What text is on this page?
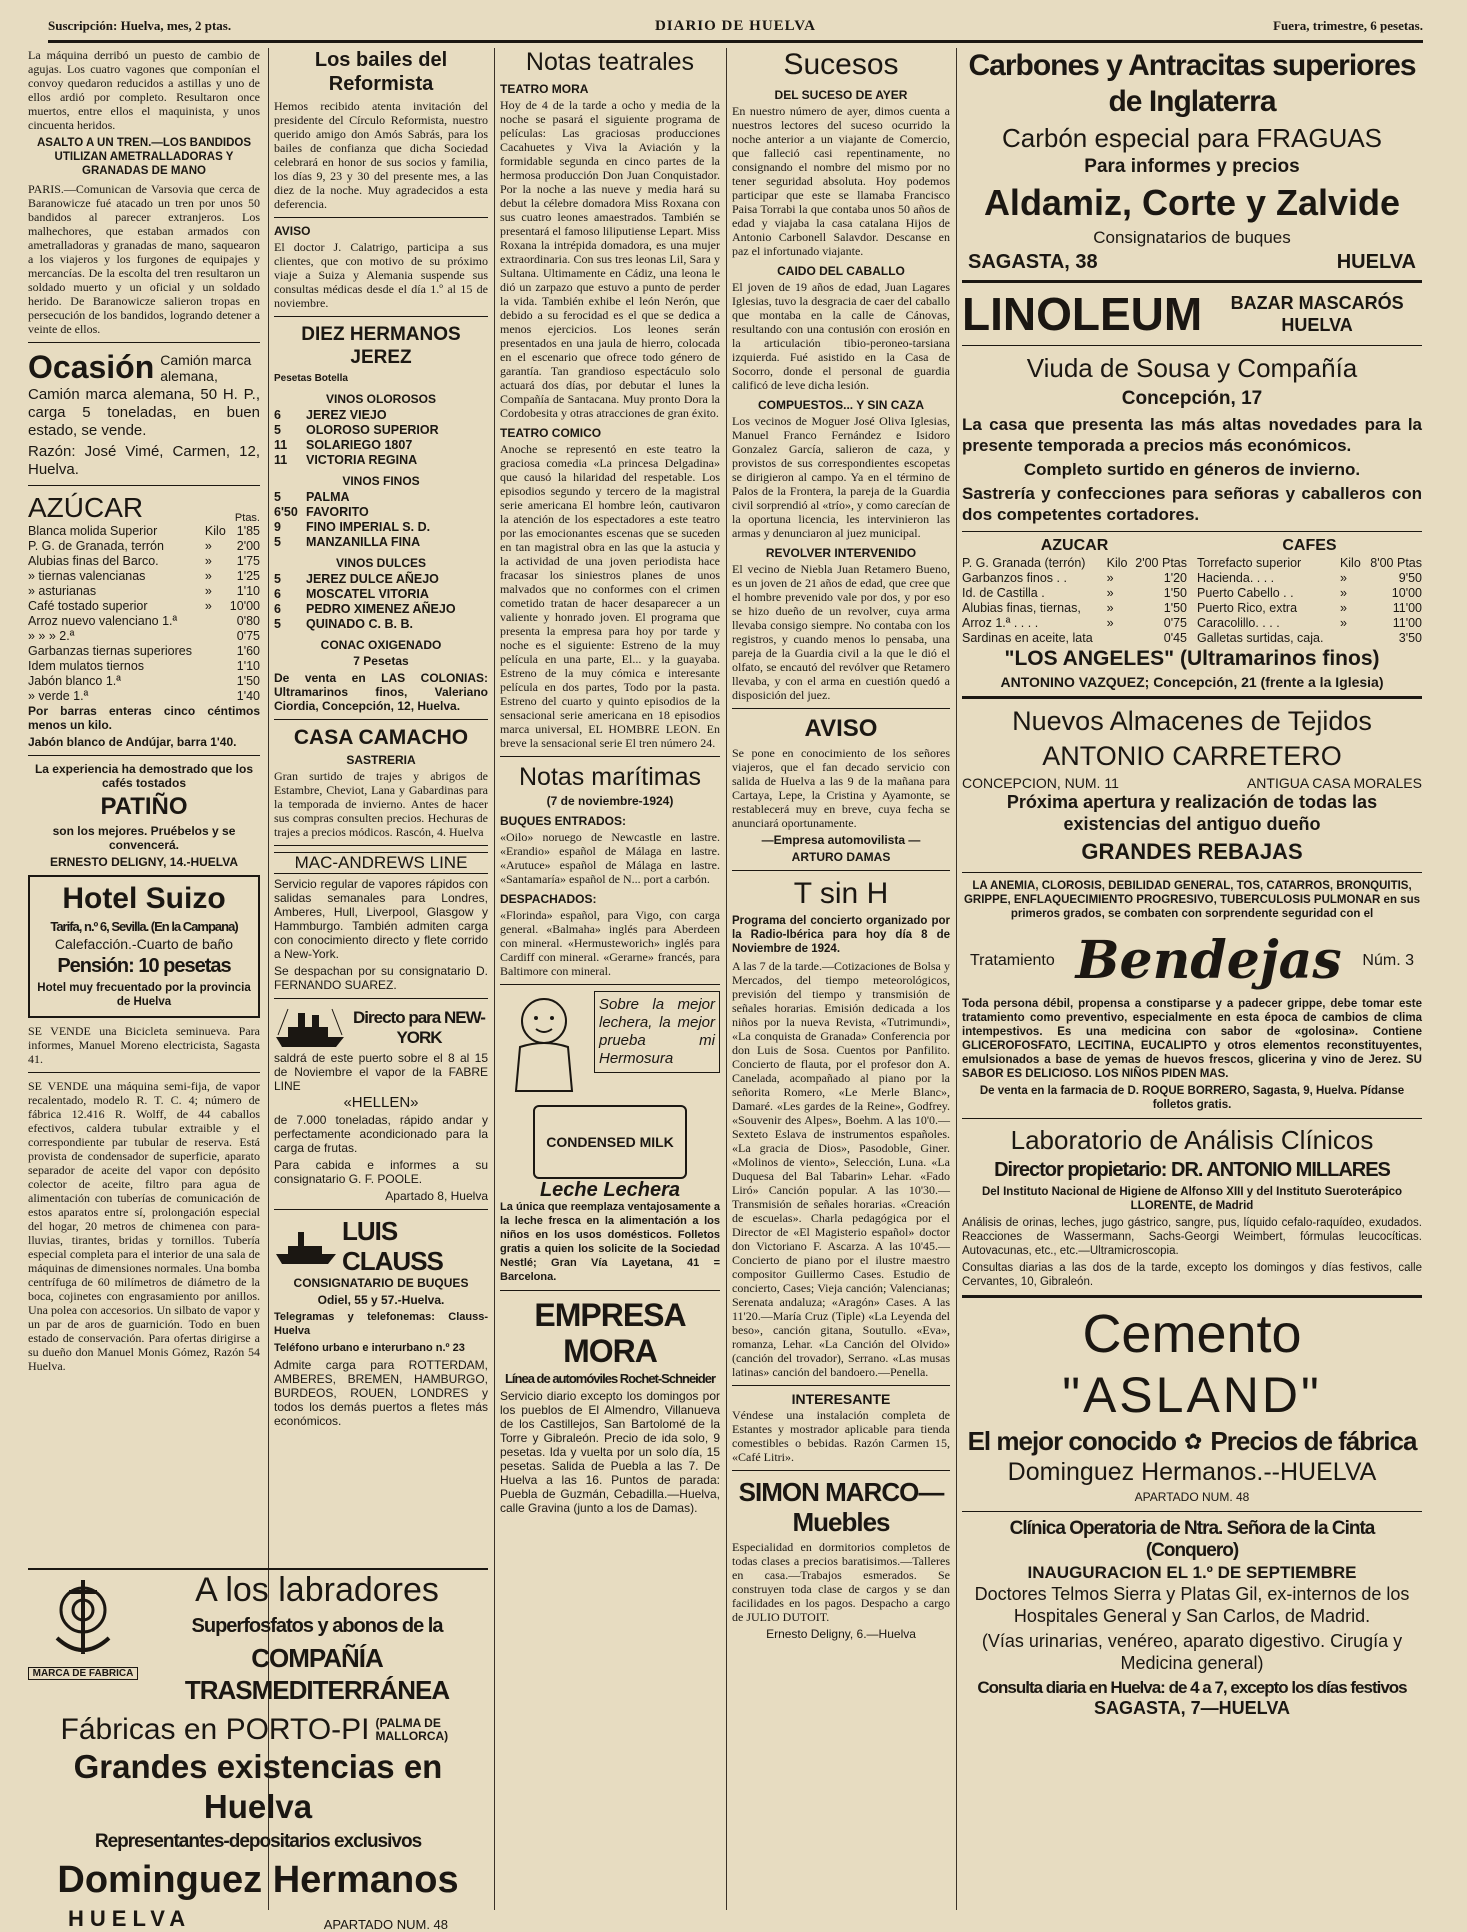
Suscripción: Huelva, mes, 2 ptas.	DIARIO DE HUELVA	Fuera, trimestre, 6 pesetas.

La máquina derribó un puesto de cambio de agujas. Los cuatro vagones que componían el convoy quedaron reducidos a astillas y uno de ellos ardió por completo. Resultaron once muertos, entre ellos el maquinista, y unos cincuenta heridos.

ASALTO A UN TREN.—LOS BANDIDOS UTILIZAN AMETRALLADORAS Y GRANADAS DE MANO

PARIS.—Comunican de Varsovia que cerca de Baranowicze fué atacado un tren por unos 50 bandidos al parecer extranjeros. Los malhechores, que estaban armados con ametralladoras y granadas de mano, saquearon a los viajeros y los furgones de equipajes y mercancías. De la escolta del tren resultaron un soldado muerto y un oficial y un soldado herido. De Baranowicze salieron tropas en persecución de los bandidos, logrando detener a veinte de ellos.

Ocasión Camión marca alemana,

Camión marca alemana, 50 H. P., carga 5 toneladas, en buen estado, se vende.

Razón: José Vimé, Carmen, 12, Huelva.

AZÚCAR	Ptas.
Blanca molida Superior	Kilo	1'85
P. G. de Granada, terrón	»	2'00
Alubias finas del Barco.	»	1'75
» tiernas valencianas	»	1'25
» asturianas	»	1'10
Café tostado superior	»	10'00
Arroz nuevo valenciano 1.ª		0'80
» » » 2.ª		0'75
Garbanzas tiernas superiores		1'60
Idem mulatos tiernos		1'10
Jabón blanco 1.ª		1'50
» verde 1.ª		1'40

Por barras enteras cinco céntimos menos un kilo.

Jabón blanco de Andújar, barra 1'40.

La experiencia ha demostrado que los cafés tostados

PATIÑO

son los mejores. Pruébelos y se convencerá.

ERNESTO DELIGNY, 14.-HUELVA

Hotel Suizo

Tarifa, n.º 6, Sevilla. (En la Campana)

Calefacción.-Cuarto de baño

Pensión: 10 pesetas

Hotel muy frecuentado por la provincia de Huelva

SE VENDE una Bicicleta seminueva. Para informes, Manuel Moreno electricista, Sagasta 41.

SE VENDE una máquina semi-fija, de vapor recalentado, modelo R. T. C. 4; número de fábrica 12.416 R. Wolff, de 44 caballos efectivos, caldera tubular extraible y el correspondiente par tubular de reserva. Está provista de condensador de superficie, aparato separador de aceite del vapor con depósito colector de aceite, filtro para agua de alimentación con tuberías de comunicación de estos aparatos entre sí, prolongación especial del hogar, 20 metros de chimenea con para-lluvias, tirantes, bridas y tornillos. Tubería especial completa para el interior de una sala de máquinas de dimensiones normales. Una bomba centrífuga de 60 milímetros de diámetro de la boca, cojinetes con engrasamiento por anillos. Una polea con accesorios. Un silbato de vapor y un par de aros de guarnición. Todo en buen estado de conservación. Para ofertas dirigirse a su dueño don Manuel Monis Gómez, Razón 54 Huelva.

Los bailes del Reformista

Hemos recibido atenta invitación del presidente del Círculo Reformista, nuestro querido amigo don Amós Sabrás, para los bailes de confianza que dicha Sociedad celebrará en honor de sus socios y familia, los días 9, 23 y 30 del presente mes, a las diez de la noche. Muy agradecidos a esta deferencia.

AVISO

El doctor J. Calatrigo, participa a sus clientes, que con motivo de su próximo viaje a Suiza y Alemania suspende sus consultas médicas desde el día 1.º al 15 de noviembre.

DIEZ HERMANOS JEREZ

Pesetas Botella

VINOS OLOROSOS

6	JEREZ VIEJO
5	OLOROSO SUPERIOR
11	SOLARIEGO 1807
11	VICTORIA REGINA

VINOS FINOS

5	PALMA
6'50	FAVORITO
9	FINO IMPERIAL S. D.
5	MANZANILLA FINA

VINOS DULCES

5	JEREZ DULCE AÑEJO
6	MOSCATEL VITORIA
6	PEDRO XIMENEZ AÑEJO
5	QUINADO C. B. B.

CONAC OXIGENADO

7 Pesetas

De venta en LAS COLONIAS: Ultramarinos finos, Valeriano Ciordia, Concepción, 12, Huelva.

CASA CAMACHO

SASTRERIA

Gran surtido de trajes y abrigos de Estambre, Cheviot, Lana y Gabardinas para la temporada de invierno. Antes de hacer sus compras consulten precios. Hechuras de trajes a precios módicos. Rascón, 4. Huelva

MAC-ANDREWS LINE

Servicio regular de vapores rápidos con salidas semanales para Londres, Amberes, Hull, Liverpool, Glasgow y Hammburgo. También admiten carga con conocimiento directo y flete corrido a New-York.

Se despachan por su consignatario D. FERNANDO SUAREZ.

Directo para NEW-YORK

saldrá de este puerto sobre el 8 al 15 de Noviembre el vapor de la FABRE LINE

«HELLEN»

de 7.000 toneladas, rápido andar y perfectamente acondicionado para la carga de frutas.

Para cabida e informes a su consignatario G. F. POOLE.

Apartado 8, Huelva

LUIS CLAUSS

CONSIGNATARIO DE BUQUES

Odiel, 55 y 57.-Huelva.

Telegramas y telefonemas: Clauss-Huelva

Teléfono urbano e interurbano n.º 23

Admite carga para ROTTERDAM, AMBERES, BREMEN, HAMBURGO, BURDEOS, ROUEN, LONDRES y todos los demás puertos a fletes más económicos.

MARCA DE FABRICA

A los labradores

Superfosfatos y abonos de la

COMPAÑÍA TRASMEDITERRÁNEA

Fábricas en PORTO-PI (PALMA DE MALLORCA)

Grandes existencias en Huelva

Representantes-depositarios exclusivos

Dominguez Hermanos

HUELVA	APARTADO NUM. 48

Notas teatrales

TEATRO MORA

Hoy de 4 de la tarde a ocho y media de la noche se pasará el siguiente programa de películas: Las graciosas producciones Cacahuetes y Viva la Aviación y la formidable segunda en cinco partes de la hermosa producción Don Juan Conquistador. Por la noche a las nueve y media hará su debut la célebre domadora Miss Roxana con sus cuatro leones amaestrados. También se presentará el famoso liliputiense Lepart. Miss Roxana la intrépida domadora, es una mujer extraordinaria. Con sus tres leonas Lil, Sara y Sultana. Ultimamente en Cádiz, una leona le dió un zarpazo que estuvo a punto de perder la vida. También exhibe el león Nerón, que debido a su ferocidad es el que se dedica a menos ejercicios. Los leones serán presentados en una jaula de hierro, colocada en el escenario que ofrece todo género de garantía. Tan grandioso espectáculo solo actuará dos días, por debutar el lunes la Compañía de Santacana. Muy pronto Dora la Cordobesita y otras atracciones de gran éxito.

TEATRO COMICO

Anoche se representó en este teatro la graciosa comedia «La princesa Delgadina» que causó la hilaridad del respetable. Los episodios segundo y tercero de la magistral serie americana El hombre león, cautivaron la atención de los espectadores a este teatro por las emocionantes escenas que se suceden en tan magistral obra en las que la astucia y la actividad de una joven periodista hace fracasar los siniestros planes de unos malvados que no conformes con el crimen cometido tratan de hacer desaparecer a un valiente y honrado joven. El programa que presenta la empresa para hoy por tarde y noche es el siguiente: Estreno de la muy película en una parte, El... y la guayaba. Estreno de la muy cómica e interesante película en dos partes, Todo por la pasta. Estreno del cuarto y quinto episodios de la sensacional serie americana en 18 episodios marca universal, EL HOMBRE LEON. En breve la sensacional serie El tren número 24.

Notas marítimas

(7 de noviembre-1924)

BUQUES ENTRADOS:

«Oilo» noruego de Newcastle en lastre. «Erandio» español de Málaga en lastre. «Arutuce» español de Málaga en lastre. «Santamaría» español de N... port a carbón.

DESPACHADOS:

«Florinda» español, para Vigo, con carga general. «Balmaha» inglés para Aberdeen con mineral. «Hermusteworich» inglés para Cardiff con mineral. «Gerarne» francés, para Baltimore con mineral.

Sobre la mejor lechera, la mejor prueba mi Hermosura

CONDENSED MILK

Leche Lechera

La única que reemplaza ventajosamente a la leche fresca en la alimentación a los niños en los usos domésticos. Folletos gratis a quien los solicite de la Sociedad Nestlé; Gran Vía Layetana, 41 = Barcelona.

EMPRESA MORA

Línea de automóviles Rochet-Schneider

Servicio diario excepto los domingos por los pueblos de El Almendro, Villanueva de los Castillejos, San Bartolomé de la Torre y Gibraleón. Precio de ida solo, 9 pesetas. Ida y vuelta por un solo día, 15 pesetas. Salida de Puebla a las 7. De Huelva a las 16. Puntos de parada: Puebla de Guzmán, Cebadilla.—Huelva, calle Gravina (junto a los de Damas).

Sucesos

DEL SUCESO DE AYER

En nuestro número de ayer, dimos cuenta a nuestros lectores del suceso ocurrido la noche anterior a un viajante de Comercio, que falleció casi repentinamente, no consignando el nombre del mismo por no tener seguridad absoluta. Hoy podemos participar que este se llamaba Francisco Paisa Torrabi la que contaba unos 50 años de edad y viajaba la casa catalana Hijos de Antonio Carbonell Salavdor. Descanse en paz el infortunado viajante.

CAIDO DEL CABALLO

El joven de 19 años de edad, Juan Lagares Iglesias, tuvo la desgracia de caer del caballo que montaba en la calle de Cánovas, resultando con una contusión con erosión en la articulación tibio-peroneo-tarsiana izquierda. Fué asistido en la Casa de Socorro, donde el personal de guardia calificó de leve dicha lesión.

COMPUESTOS... Y SIN CAZA

Los vecinos de Moguer José Oliva Iglesias, Manuel Franco Fernández e Isidoro Gonzalez García, salieron de caza, y provistos de sus correspondientes escopetas se dirigieron al campo. Ya en el término de Palos de la Frontera, la pareja de la Guardia civil sorprendió al «trío», y como carecían de la oportuna licencia, les intervinieron las armas y denunciaron al juez municipal.

REVOLVER INTERVENIDO

El vecino de Niebla Juan Retamero Bueno, es un joven de 21 años de edad, que cree que el hombre prevenido vale por dos, y por eso se hizo dueño de un revolver, cuya arma llevaba consigo siempre. No contaba con los registros, y cuando menos lo pensaba, una pareja de la Guardia civil a la que le dió el olfato, se encautó del revólver que Retamero llevaba, y con el arma en cuestión quedó a disposición del juez.

AVISO

Se pone en conocimiento de los señores viajeros, que el fan decado servicio con salida de Huelva a las 9 de la mañana para Cartaya, Lepe, la Cristina y Ayamonte, se restablecerá muy en breve, cuya fecha se anunciará oportunamente.

—Empresa automovilista —

ARTURO DAMAS

T sin H

Programa del concierto organizado por la Radio-Ibérica para hoy día 8 de Noviembre de 1924.

A las 7 de la tarde.—Cotizaciones de Bolsa y Mercados, del tiempo meteorológicos, previsión del tiempo y transmisión de señales horarias. Emisión dedicada a los niños por la nueva Revista, «Tutrimundi», «La conquista de Granada» Conferencia por don Luis de Sosa. Cuentos por Panfilito. Concierto de flauta, por el profesor don A. Canelada, acompañado al piano por la señorita Romero, «Le Merle Blanc», Damaré. «Les gardes de la Reine», Godfrey. «Souvenir des Alpes», Boehm. A las 10'0.—Sexteto Eslava de instrumentos españoles. «La gracia de Dios», Pasodoble, Giner. «Molinos de viento», Selección, Luna. «La Duquesa del Bal Tabarin» Lehar. «Fado Liró» Canción popular. A las 10'30.—Transmisión de señales horarias. «Creación de escuelas». Charla pedagógica por el Director de «El Magisterio español» doctor don Victoriano F. Ascarza. A las 10'45.—Concierto de piano por el ilustre maestro compositor Guillermo Cases. Estudio de concierto, Cases; Vieja canción; Valencianas; Serenata andaluza; «Aragón» Cases. A las 11'20.—María Cruz (Tiple) «La Leyenda del beso», canción gitana, Soutullo. «Eva», romanza, Lehar. «La Canción del Olvido» (canción del trovador), Serrano. «Las musas latinas» canción del bandoero.—Penella.

INTERESANTE

Véndese una instalación completa de Estantes y mostrador aplicable para tienda comestibles o bebidas. Razón Carmen 15, «Café Litri».

SIMON MARCO—Muebles

Especialidad en dormitorios completos de todas clases a precios baratisimos.—Talleres en casa.—Trabajos esmerados. Se construyen toda clase de cargos y se dan facilidades en los pagos. Despacho a cargo de JULIO DUTOIT.

Ernesto Deligny, 6.—Huelva

Carbones y Antracitas superiores de Inglaterra

Carbón especial para FRAGUAS

Para informes y precios

Aldamiz, Corte y Zalvide

Consignatarios de buques

SAGASTA, 38	HUELVA
LINOLEUM	BAZAR MASCARÓS HUELVA

Viuda de Sousa y Compañía

Concepción, 17

La casa que presenta las más altas novedades para la presente temporada a precios más económicos.

Completo surtido en géneros de invierno.

Sastrería y confecciones para señoras y caballeros con dos competentes cortadores.

AZUCAR

P. G. Granada (terrón)	Kilo	2'00 Ptas
Garbanzos finos . .	»	1'20
Id. de Castilla .	»	1'50
Alubias finas, tiernas,	»	1'50
Arroz 1.ª . . . .	»	0'75
Sardinas en aceite, lata		0'45

CAFES

Torrefacto superior	Kilo	8'00 Ptas
Hacienda. . . .	»	9'50
Puerto Cabello . .	»	10'00
Puerto Rico, extra	»	11'00
Caracolillo. . . .	»	11'00
Galletas surtidas, caja.		3'50

"LOS ANGELES" (Ultramarinos finos)

ANTONINO VAZQUEZ; Concepción, 21 (frente a la Iglesia)

Nuevos Almacenes de Tejidos

ANTONIO CARRETERO

CONCEPCION, NUM. 11	ANTIGUA CASA MORALES

Próxima apertura y realización de todas las existencias del antiguo dueño

GRANDES REBAJAS

LA ANEMIA, CLOROSIS, DEBILIDAD GENERAL, TOS, CATARROS, BRONQUITIS, GRIPPE, ENFLAQUECIMIENTO PROGRESIVO, TUBERCULOSIS PULMONAR en sus primeros grados, se combaten con sorprendente seguridad con el

Tratamiento Bendejas Núm. 3

Toda persona débil, propensa a constiparse y a padecer grippe, debe tomar este tratamiento como preventivo, especialmente en esta época de cambios de clima intempestivos. Es una medicina con sabor de «golosina». Contiene GLICEROFOSFATO, LECITINA, EUCALIPTO y otros elementos reconstituyentes, emulsionados a base de yemas de huevos frescos, glicerina y vino de Jerez. SU SABOR ES DELICIOSO. LOS NIÑOS PIDEN MAS.

De venta en la farmacia de D. ROQUE BORRERO, Sagasta, 9, Huelva. Pídanse folletos gratis.

Laboratorio de Análisis Clínicos

Director propietario: DR. ANTONIO MILLARES

Del Instituto Nacional de Higiene de Alfonso XIII y del Instituto Sueroterápico LLORENTE, de Madrid

Análisis de orinas, leches, jugo gástrico, sangre, pus, líquido cefalo-raquídeo, exudados. Reacciones de Wassermann, Sachs-Georgi Weimbert, fórmulas leucocíticas. Autovacunas, etc., etc.—Ultramicroscopia.

Consultas diarias a las dos de la tarde, excepto los domingos y días festivos, calle Cervantes, 10, Gibraleón.

Cemento

"ASLAND"

El mejor conocido ✿ Precios de fábrica

Dominguez Hermanos.--HUELVA

APARTADO NUM. 48

Clínica Operatoria de Ntra. Señora de la Cinta (Conquero)

INAUGURACION EL 1.º DE SEPTIEMBRE

Doctores Telmos Sierra y Platas Gil, ex-internos de los Hospitales General y San Carlos, de Madrid.

(Vías urinarias, venéreo, aparato digestivo. Cirugía y Medicina general)

Consulta diaria en Huelva: de 4 a 7, excepto los días festivos

SAGASTA, 7—HUELVA
